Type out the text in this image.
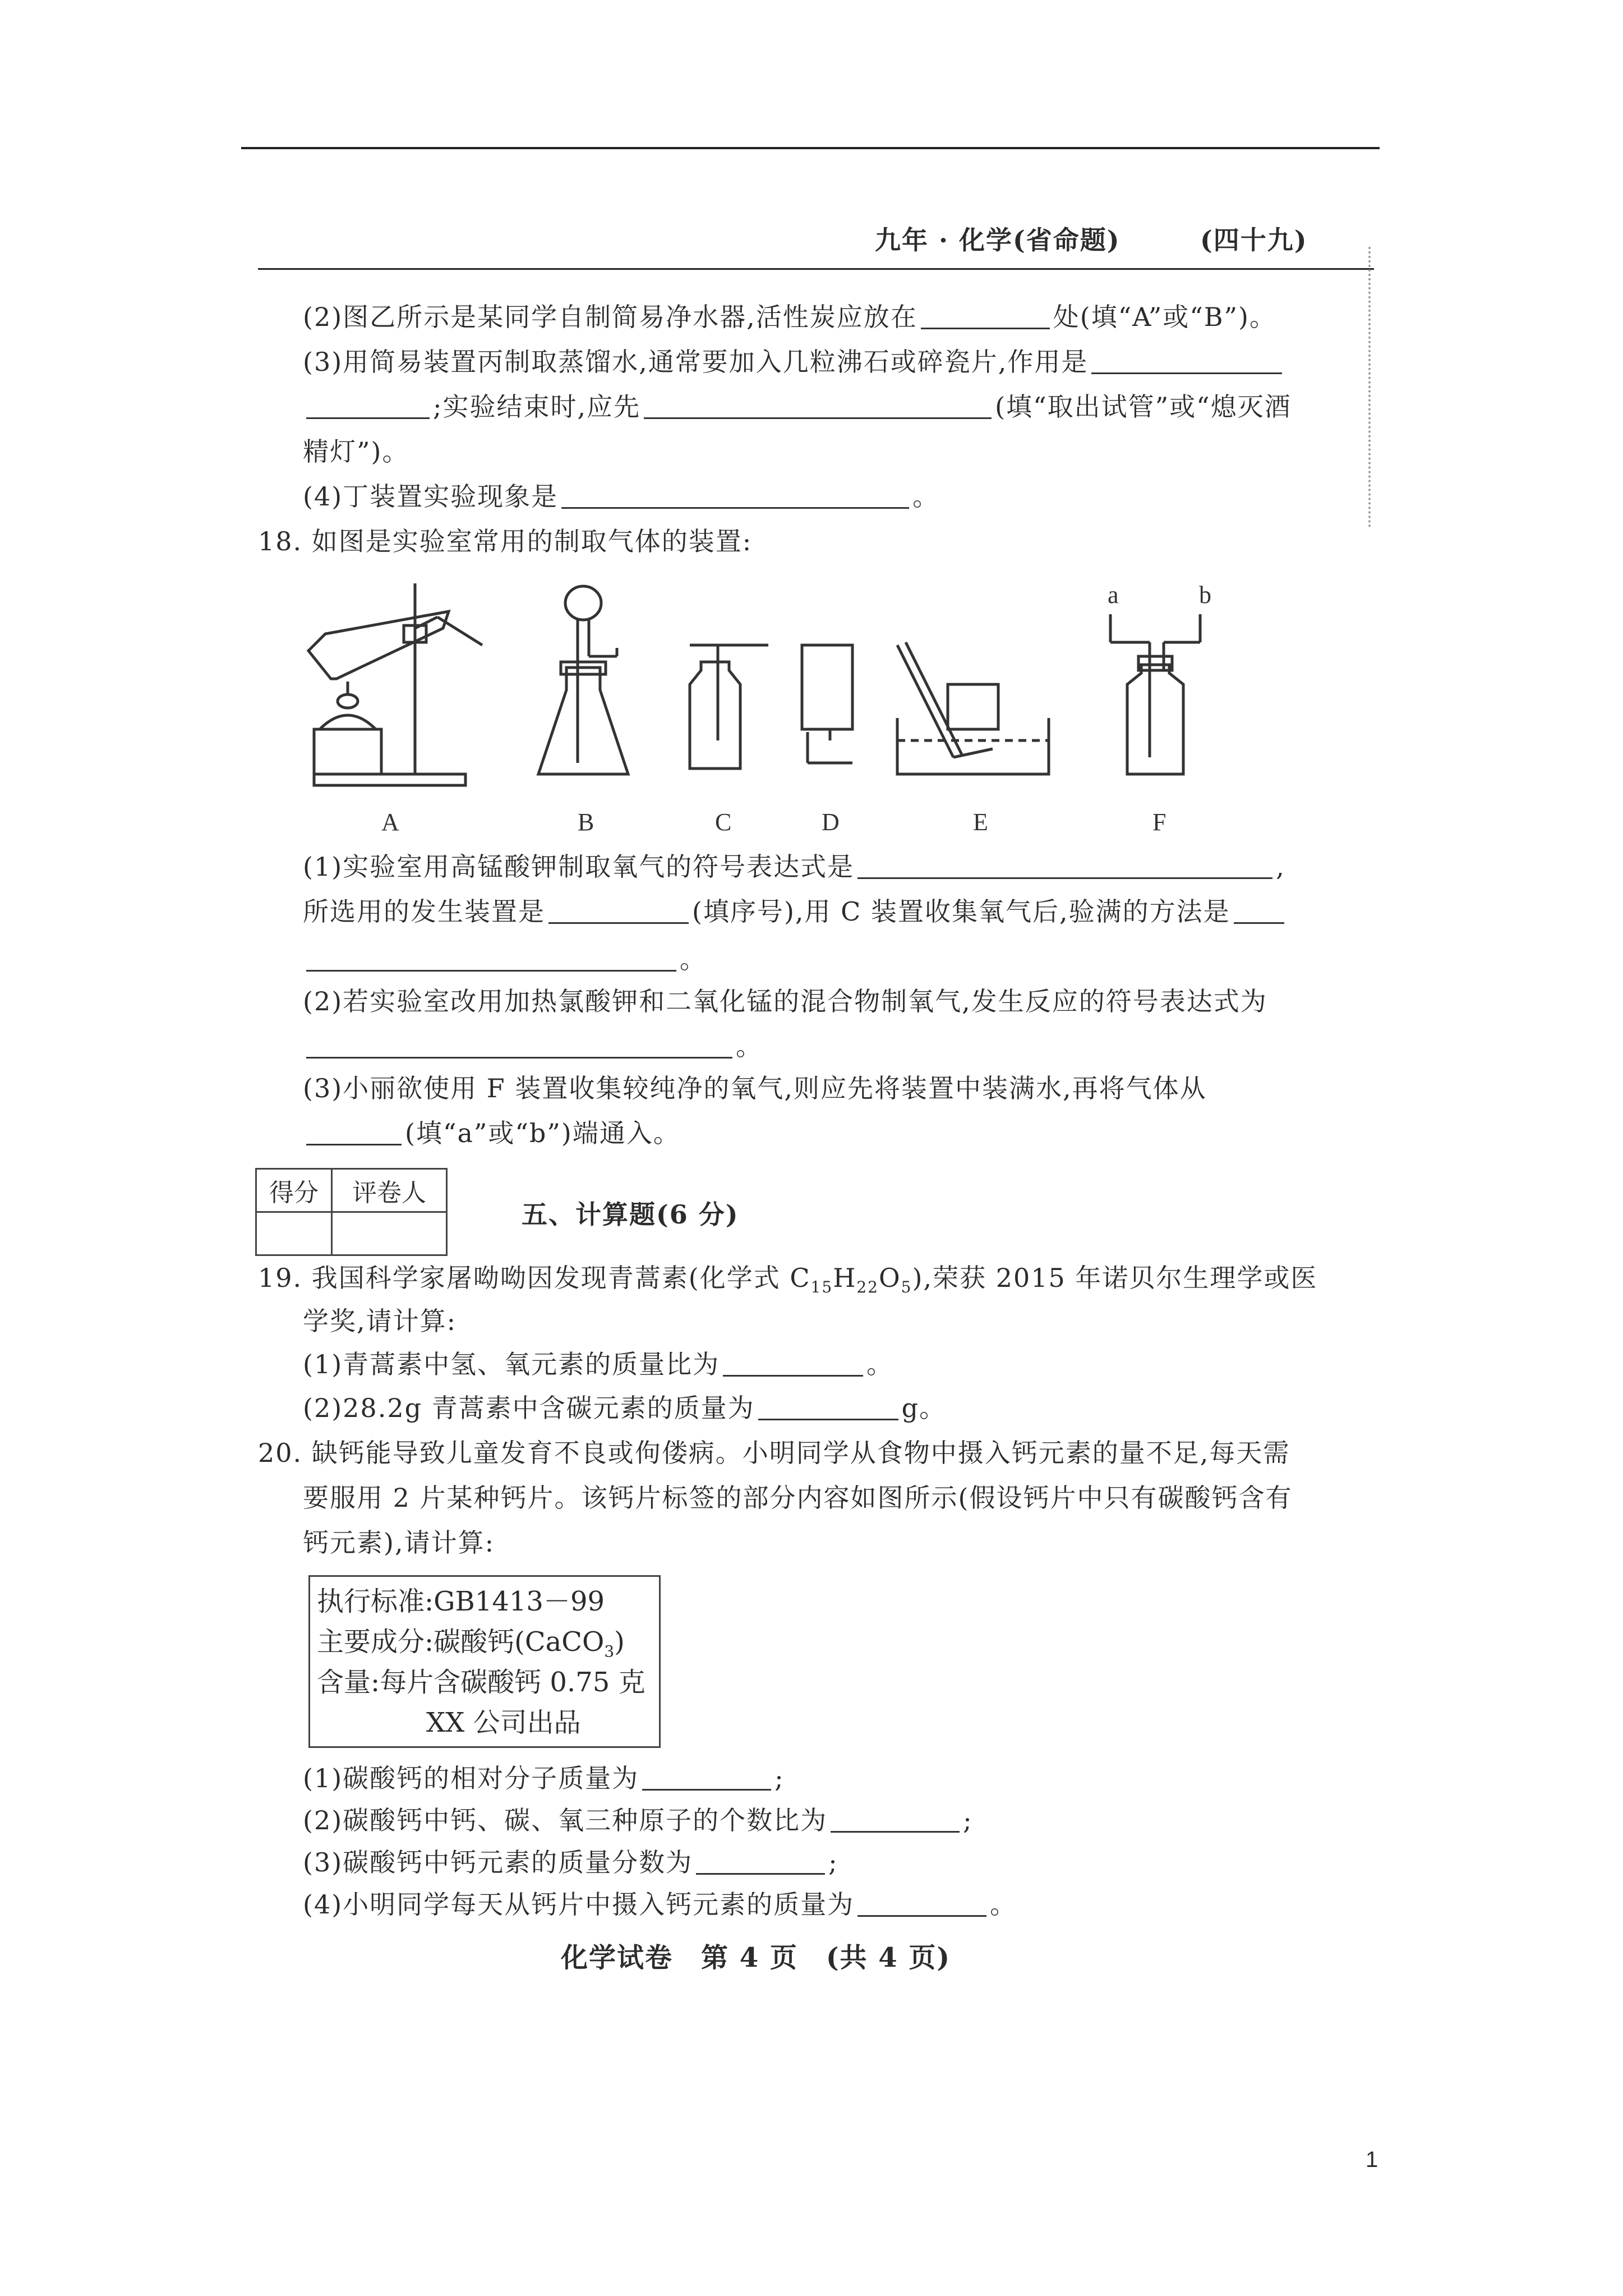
九年 · 化学(省命题)	(四十九)
(2)图乙所示是某同学自制简易净水器,活性炭应放在	处(填“A”或“B”)。
(3)用简易装置丙制取蒸馏水,通常要加入几粒沸石或碎瓷片,作用是
;实验结束时,应先	(填“取出试管”或“熄灭酒
精灯”)。
(4)丁装置实验现象是	。
18. 如图是实验室常用的制取气体的装置:
a	b
A	B	C	D	E	F
(1)实验室用高锰酸钾制取氧气的符号表达式是	,
所选用的发生装置是	(填序号),用 C 装置收集氧气后,验满的方法是
。
(2)若实验室改用加热氯酸钾和二氧化锰的混合物制氧气,发生反应的符号表达式为
。
(3)小丽欲使用 F 装置收集较纯净的氧气,则应先将装置中装满水,再将气体从
(填“a”或“b”)端通入。
得分	评卷人

五、计算题(6 分)
19. 我国科学家屠呦呦因发现青蒿素(化学式 $C_{15}H_{22}O_5$),荣获 2015 年诺贝尔生理学或医
学奖,请计算:
(1)青蒿素中氢、氧元素的质量比为	。
(2)28.2g 青蒿素中含碳元素的质量为	g。
20. 缺钙能导致儿童发育不良或佝偻病。小明同学从食物中摄入钙元素的量不足,每天需
要服用 2 片某种钙片。该钙片标签的部分内容如图所示(假设钙片中只有碳酸钙含有
钙元素),请计算:
执行标准:GB1413－99
主要成分:碳酸钙(CaCO$_3$)
含量:每片含碳酸钙 0.75 克
XX 公司出品
(1)碳酸钙的相对分子质量为	;
(2)碳酸钙中钙、碳、氧三种原子的个数比为	;
(3)碳酸钙中钙元素的质量分数为	;
(4)小明同学每天从钙片中摄入钙元素的质量为	。
化学试卷　第 4 页　(共 4 页)
1
